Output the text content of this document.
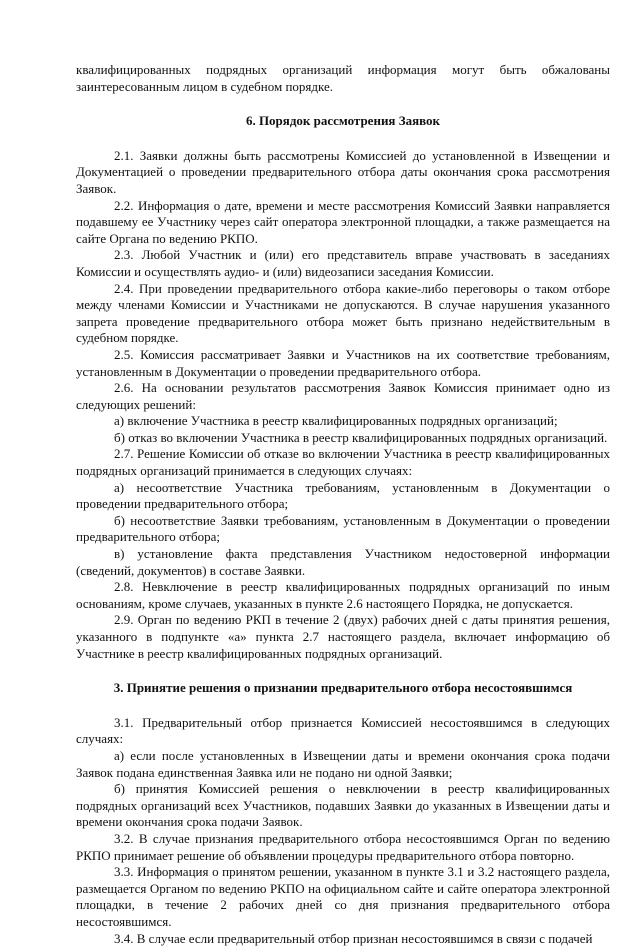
квалифицированных подрядных организаций информация могут быть обжалованы заинтересованным лицом в судебном порядке.

6. Порядок рассмотрения Заявок

2.1. Заявки должны быть рассмотрены Комиссией до установленной в Извещении и Документацией о проведении предварительного отбора даты окончания срока рассмотрения Заявок.

2.2. Информация о дате, времени и месте рассмотрения Комиссий Заявки направляется подавшему ее Участнику через сайт оператора электронной площадки, а также размещается на сайте Органа по ведению РКПО.

2.3. Любой Участник и (или) его представитель вправе участвовать в заседаниях Комиссии и осуществлять аудио- и (или) видеозаписи заседания Комиссии.

2.4. При проведении предварительного отбора какие-либо переговоры о таком отборе между членами Комиссии и Участниками не допускаются. В случае нарушения указанного запрета проведение предварительного отбора может быть признано недействительным в судебном порядке.

2.5. Комиссия рассматривает Заявки и Участников на их соответствие требованиям, установленным в Документации о проведении предварительного отбора.

2.6. На основании результатов рассмотрения Заявок Комиссия принимает одно из следующих решений:

а) включение Участника в реестр квалифицированных подрядных организаций;

б) отказ во включении Участника в реестр квалифицированных подрядных организаций.

2.7. Решение Комиссии об отказе во включении Участника в реестр квалифицированных подрядных организаций принимается в следующих случаях:

а) несоответствие Участника требованиям, установленным в Документации о проведении предварительного отбора;

б) несоответствие Заявки требованиям, установленным в Документации о проведении предварительного отбора;

в) установление факта представления Участником недостоверной информации (сведений, документов) в составе Заявки.

2.8. Невключение в реестр квалифицированных подрядных организаций по иным основаниям, кроме случаев, указанных в пункте 2.6 настоящего Порядка, не допускается.

2.9. Орган по ведению РКП в течение 2 (двух) рабочих дней с даты принятия решения, указанного в подпункте «а» пункта 2.7 настоящего раздела, включает информацию об Участнике в реестр квалифицированных подрядных организаций.

3. Принятие решения о признании предварительного отбора несостоявшимся

3.1. Предварительный отбор признается Комиссией несостоявшимся в следующих случаях:

а) если после установленных в Извещении даты и времени окончания срока подачи Заявок подана единственная Заявка или не подано ни одной Заявки;

б) принятия Комиссией решения о невключении в реестр квалифицированных подрядных организаций всех Участников, подавших Заявки до указанных в Извещении даты и времени окончания срока подачи Заявок.

3.2. В случае признания предварительного отбора несостоявшимся Орган по ведению РКПО принимает решение об объявлении процедуры предварительного отбора повторно.

3.3. Информация о принятом решении, указанном в пункте 3.1 и 3.2 настоящего раздела, размещается Органом по ведению РКПО на официальном сайте и сайте оператора электронной площадки, в течение 2 рабочих дней со дня признания предварительного отбора несостоявшимся.

3.4. В случае если предварительный отбор признан несостоявшимся в связи с подачей
